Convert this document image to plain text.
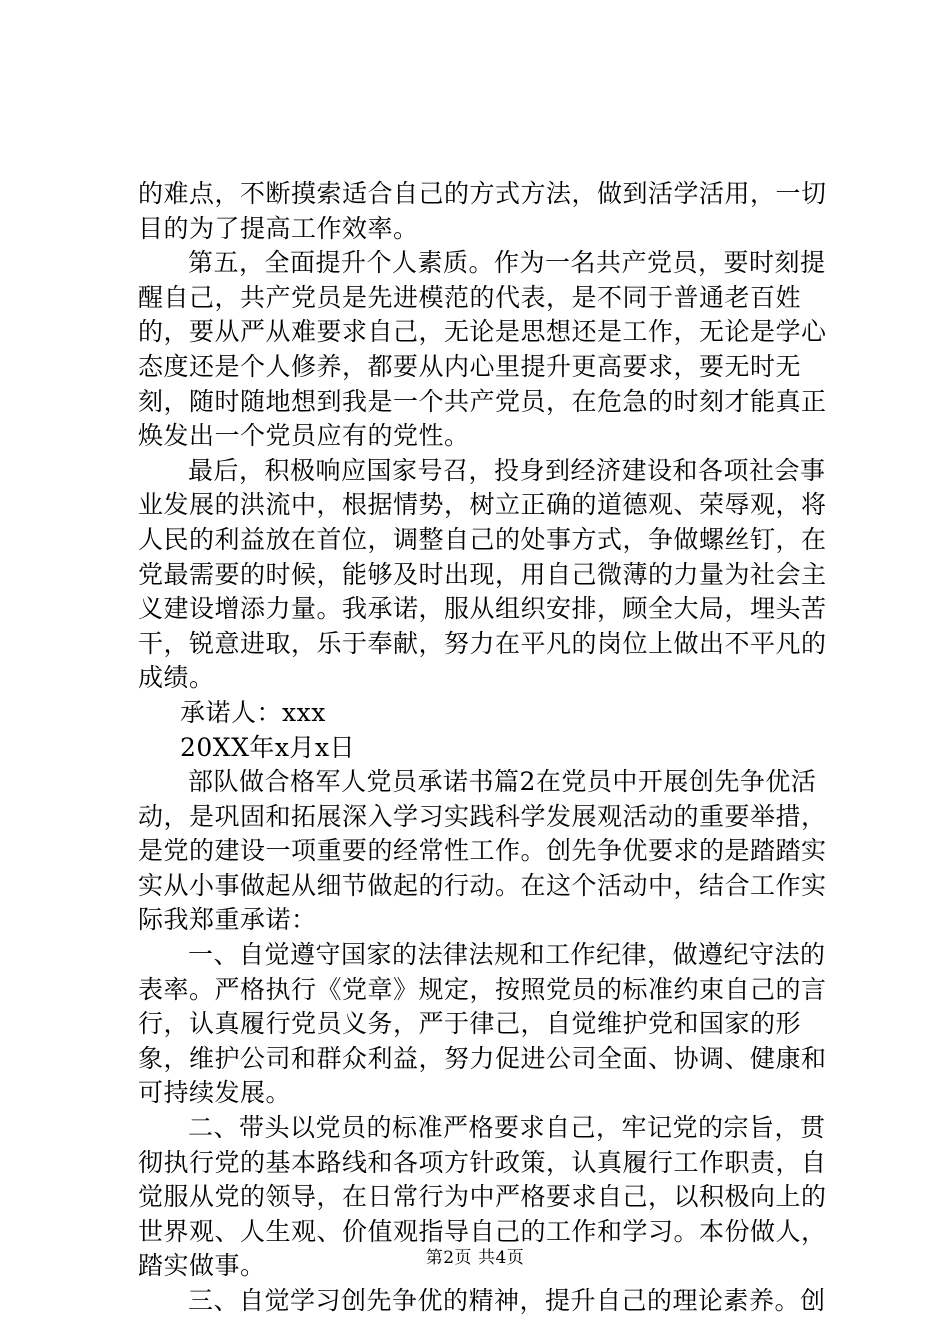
的难点，不断摸索适合自己的方式方法，做到活学活用，一切目的为了提高工作效率。

第五，全面提升个人素质。作为一名共产党员，要时刻提醒自己，共产党员是先进模范的代表，是不同于普通老百姓的，要从严从难要求自己，无论是思想还是工作，无论是学心态度还是个人修养，都要从内心里提升更高要求，要无时无刻，随时随地想到我是一个共产党员，在危急的时刻才能真正焕发出一个党员应有的党性。

最后，积极响应国家号召，投身到经济建设和各项社会事业发展的洪流中，根据情势，树立正确的道德观、荣辱观，将人民的利益放在首位，调整自己的处事方式，争做螺丝钉，在党最需要的时候，能够及时出现，用自己微薄的力量为社会主义建设增添力量。我承诺，服从组织安排，顾全大局，埋头苦干，锐意进取，乐于奉献，努力在平凡的岗位上做出不平凡的成绩。

承诺人：xxx

20XX年x月x日

部队做合格军人党员承诺书篇2在党员中开展创先争优活动，是巩固和拓展深入学习实践科学发展观活动的重要举措，是党的建设一项重要的经常性工作。创先争优要求的是踏踏实实从小事做起从细节做起的行动。在这个活动中，结合工作实际我郑重承诺：

一、自觉遵守国家的法律法规和工作纪律，做遵纪守法的表率。严格执行《党章》规定，按照党员的标准约束自己的言行，认真履行党员义务，严于律己，自觉维护党和国家的形象，维护公司和群众利益，努力促进公司全面、协调、健康和可持续发展。

二、带头以党员的标准严格要求自己，牢记党的宗旨，贯彻执行党的基本路线和各项方针政策，认真履行工作职责，自觉服从党的领导，在日常行为中严格要求自己，以积极向上的世界观、人生观、价值观指导自己的工作和学习。本份做人，踏实做事。

三、自觉学习创先争优的精神，提升自己的理论素养。创

第2页 共4页
